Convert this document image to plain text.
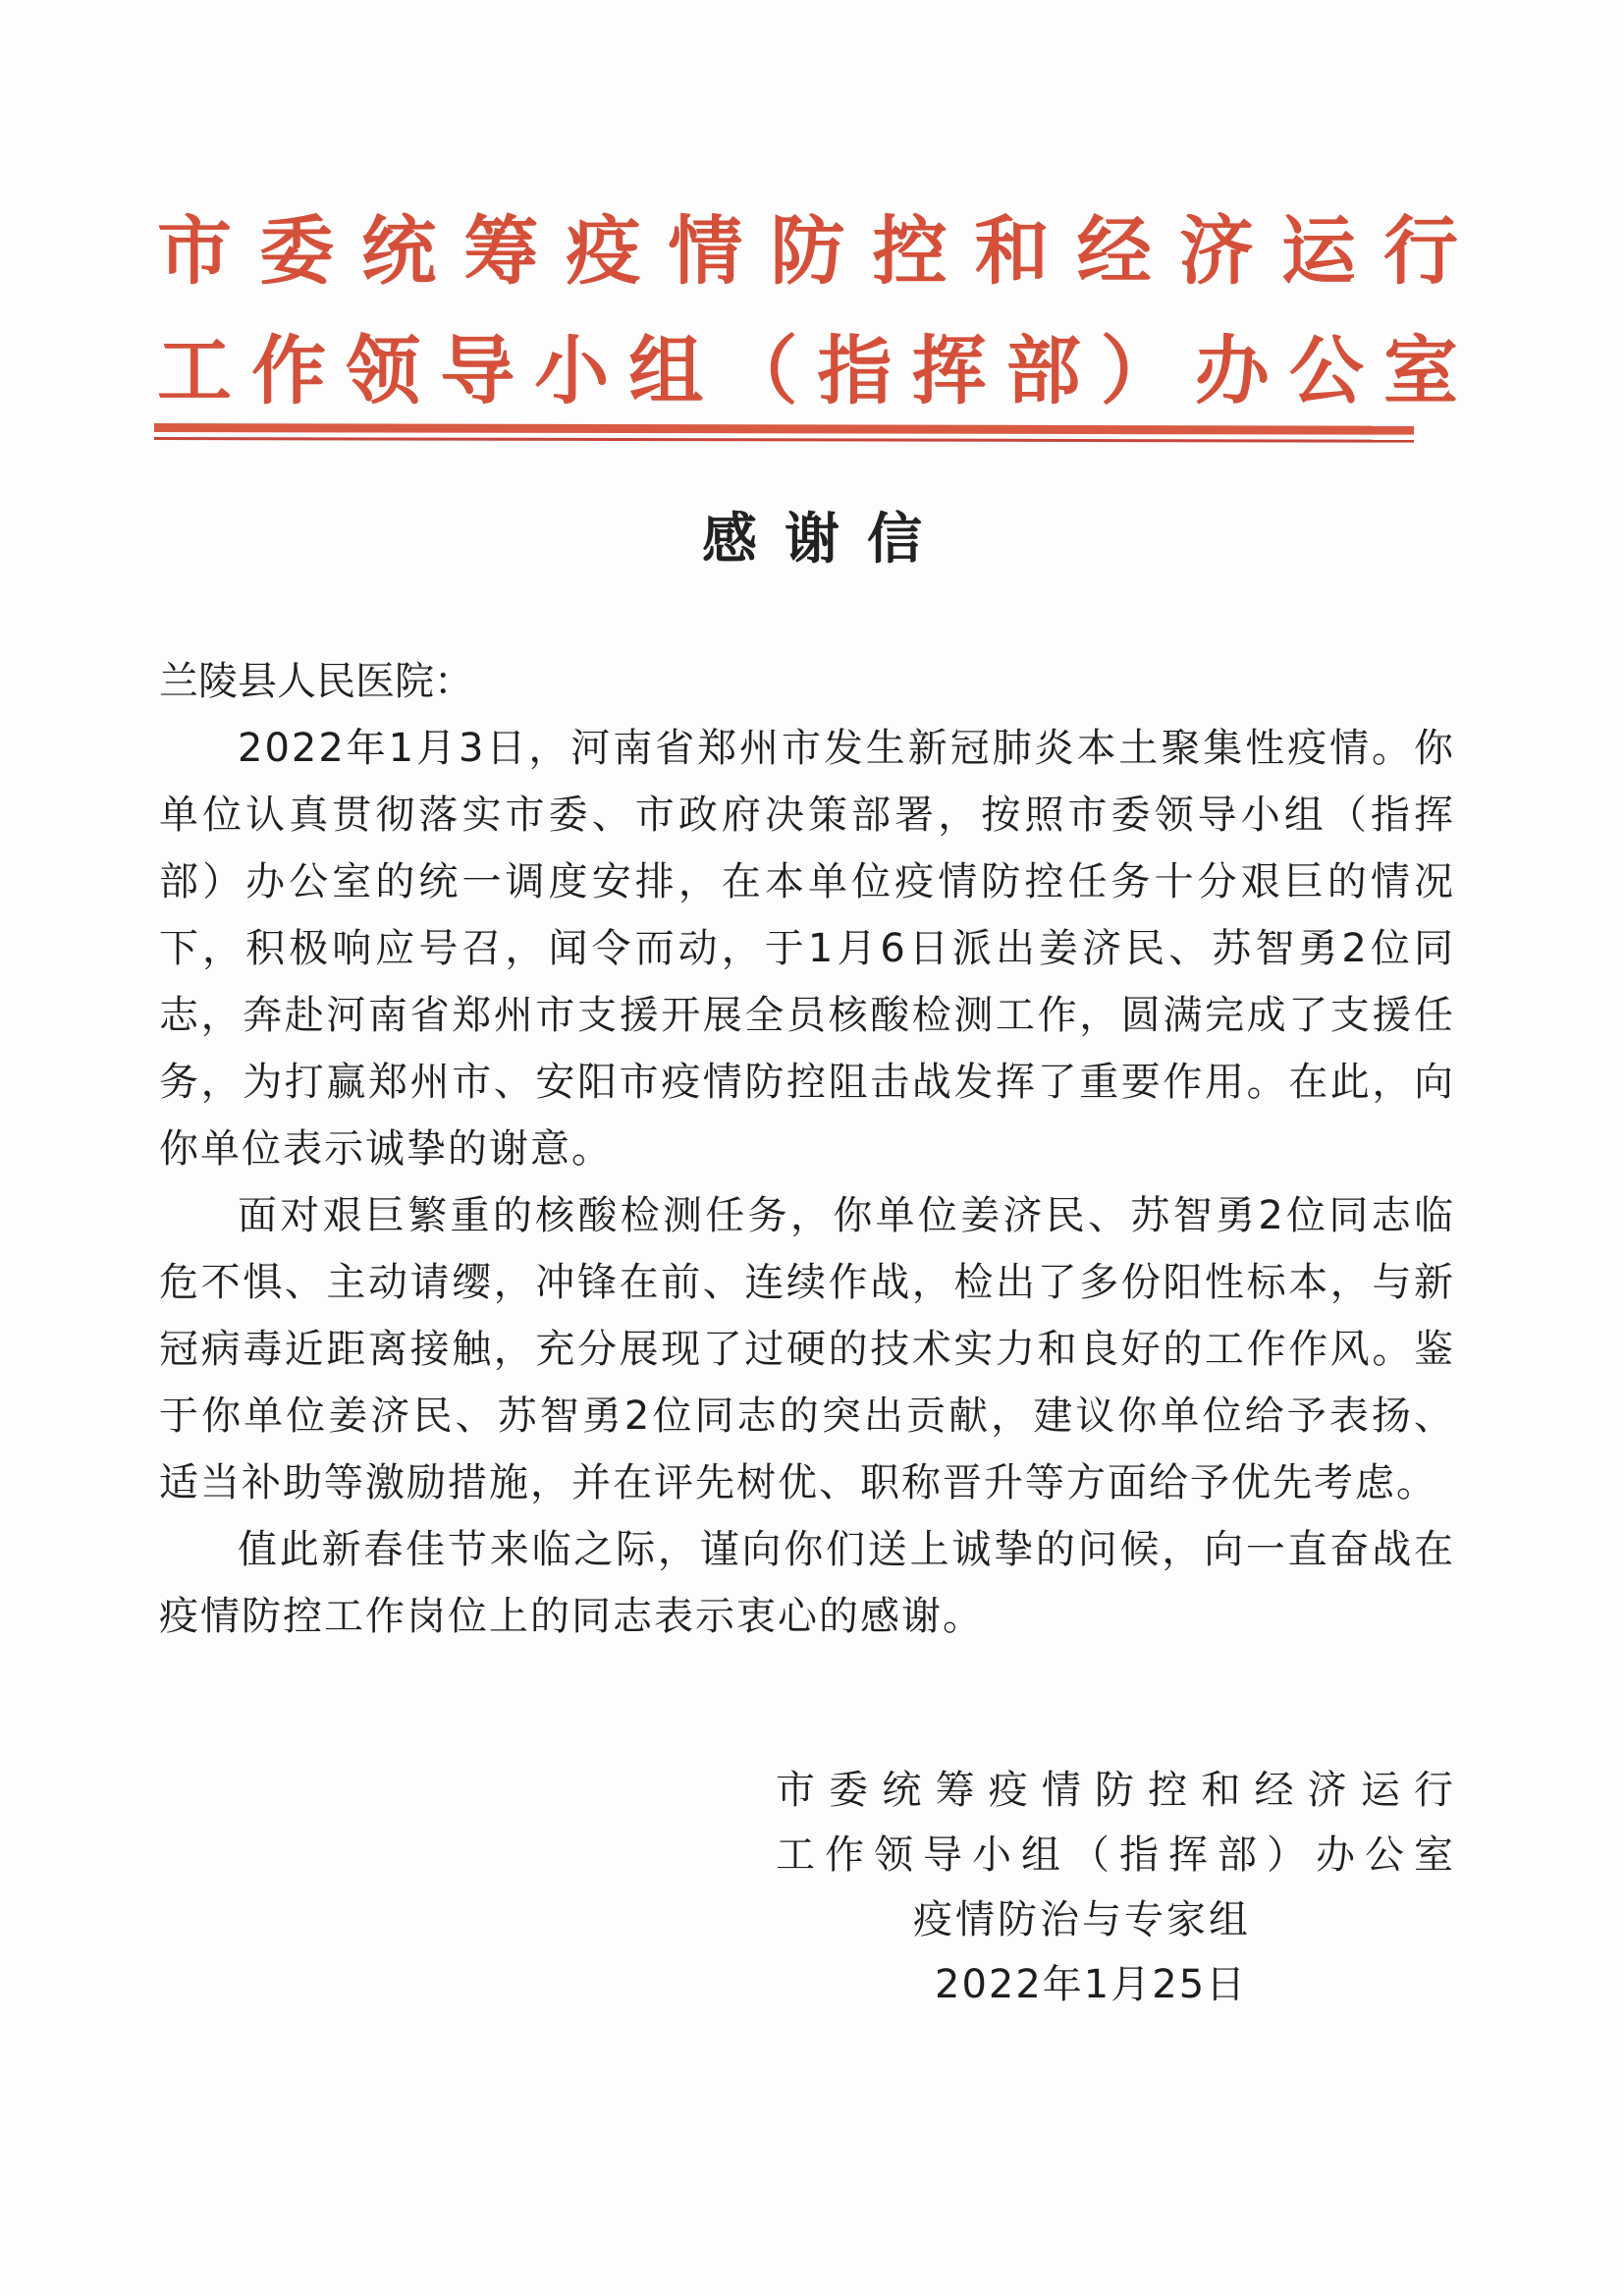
市委统筹疫情防控和经济运行
工作领导小组（指挥部）办公室
感谢信

兰陵县人民医院：

2022年1月3日，河南省郑州市发生新冠肺炎本土聚集性疫情。你单位认真贯彻落实市委、市政府决策部署，按照市委领导小组（指挥部）办公室的统一调度安排，在本单位疫情防控任务十分艰巨的情况下，积极响应号召，闻令而动，于1月6日派出姜济民、苏智勇2位同志，奔赴河南省郑州市支援开展全员核酸检测工作，圆满完成了支援任务，为打赢郑州市、安阳市疫情防控阻击战发挥了重要作用。在此，向你单位表示诚挚的谢意。

面对艰巨繁重的核酸检测任务，你单位姜济民、苏智勇2位同志临危不惧、主动请缨，冲锋在前、连续作战，检出了多份阳性标本，与新冠病毒近距离接触，充分展现了过硬的技术实力和良好的工作作风。鉴于你单位姜济民、苏智勇2位同志的突出贡献，建议你单位给予表扬、适当补助等激励措施，并在评先树优、职称晋升等方面给予优先考虑。

值此新春佳节来临之际，谨向你们送上诚挚的问候，向一直奋战在疫情防控工作岗位上的同志表示衷心的感谢。

市委统筹疫情防控和经济运行
工作领导小组（指挥部）办公室
疫情防治与专家组
2022年1月25日
